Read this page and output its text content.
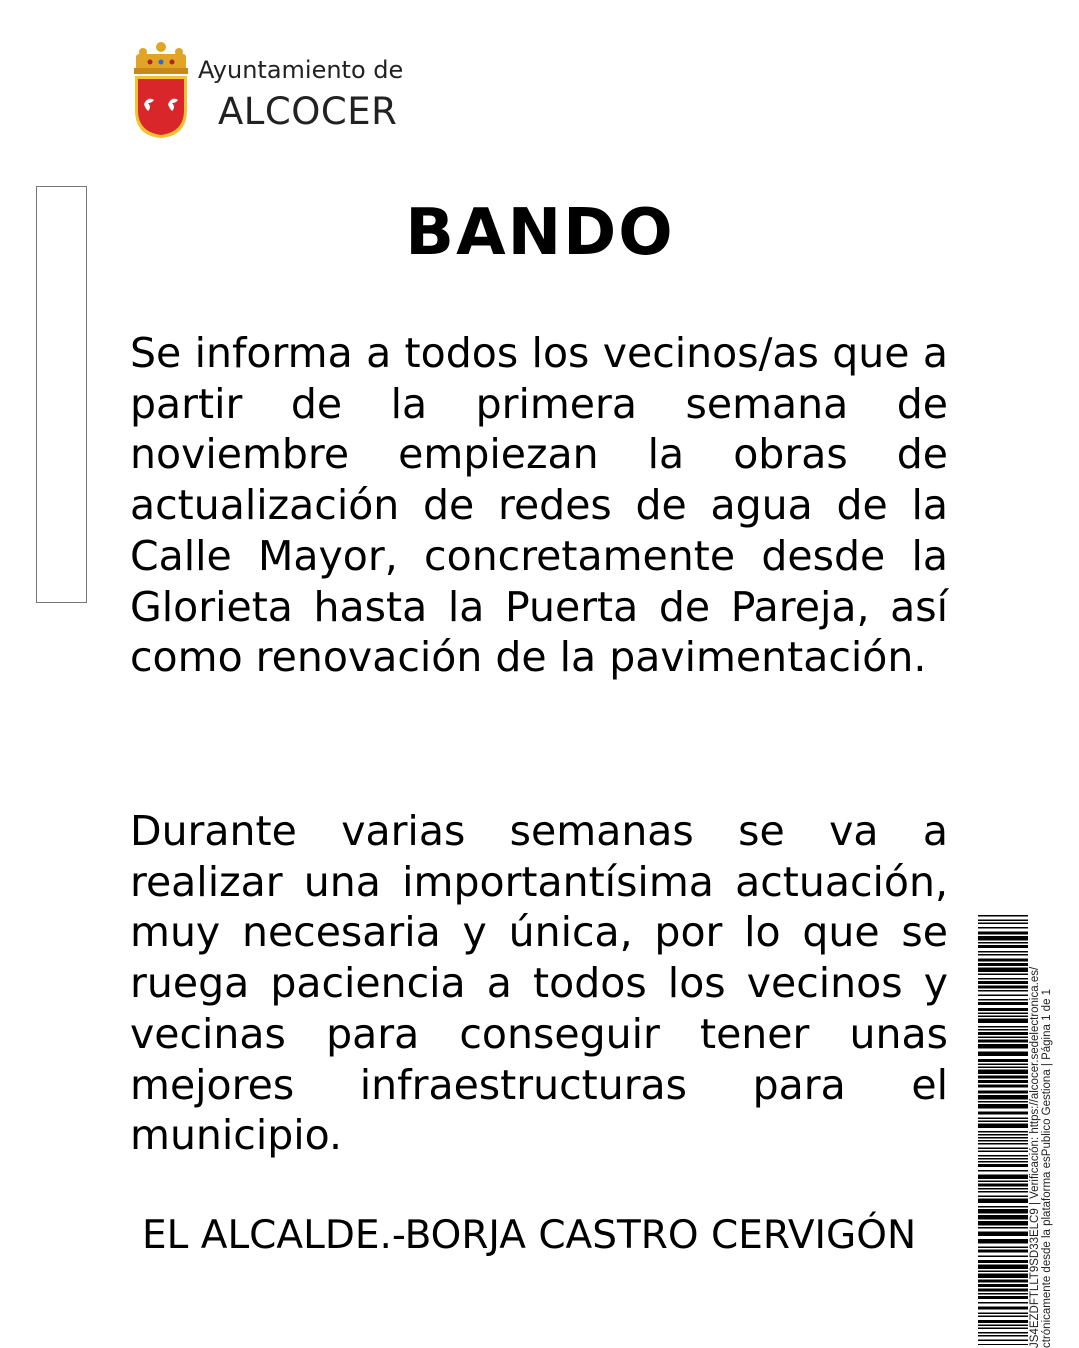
Ayuntamiento de
ALCOCER
BANDO

Se informa a todos los vecinos/as que a partir de la primera semana de noviembre empiezan la obras de actualización de redes de agua de la Calle Mayor, concretamente desde la Glorieta hasta la Puerta de Pareja, así como renovación de la pavimentación.

Durante varias semanas se va a realizar una importantísima actuación, muy necesaria y única, por lo que se ruega paciencia a todos los vecinos y vecinas para conseguir tener unas mejores infraestructuras para el municipio.

EL ALCALDE.-BORJA CASTRO CERVIGÓN	JS4EZDFTLLT9SD33ELC9 | Verificación: https://alcocer.sedelectronica.es/ ctrónicamente desde la plataforma esPublico Gestiona | Página 1 de 1
